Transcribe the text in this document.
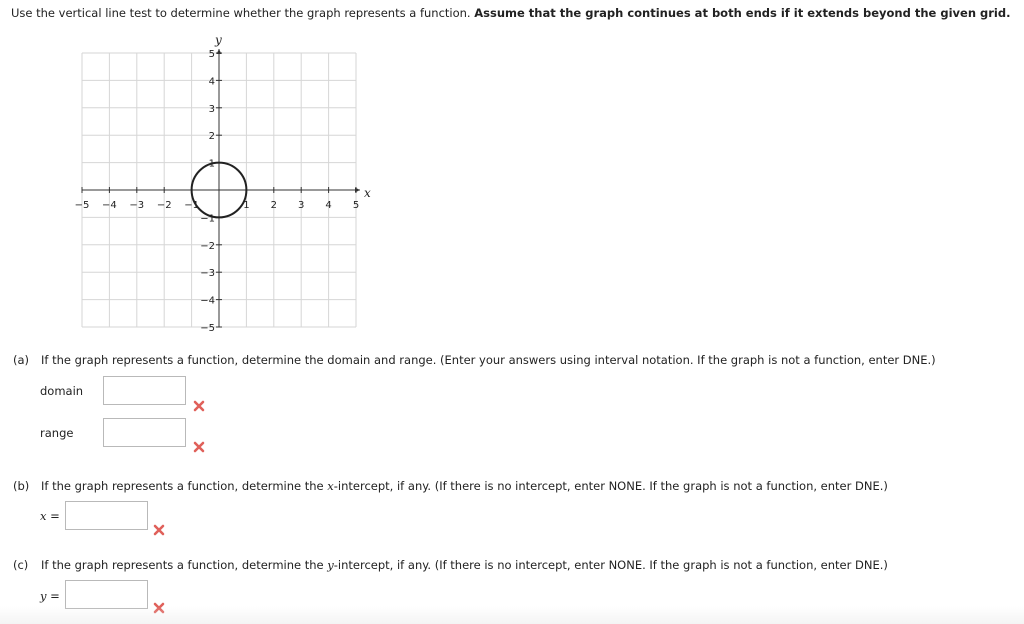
Use the vertical line test to determine whether the graph represents a function. Assume that the graph continues at both ends if it extends beyond the given grid.
−5 −4 −3 −2 −1	1 2 3 4 5
5
4
3
2
1
−1
−2
−3
−4
−5
x
y
(a) If the graph represents a function, determine the domain and range. (Enter your answers using interval notation. If the graph is not a function, enter DNE.)
domain
range
(b) If the graph represents a function, determine the x-intercept, if any. (If there is no intercept, enter NONE. If the graph is not a function, enter DNE.)
x =
(c) If the graph represents a function, determine the y-intercept, if any. (If there is no intercept, enter NONE. If the graph is not a function, enter DNE.)
y =
